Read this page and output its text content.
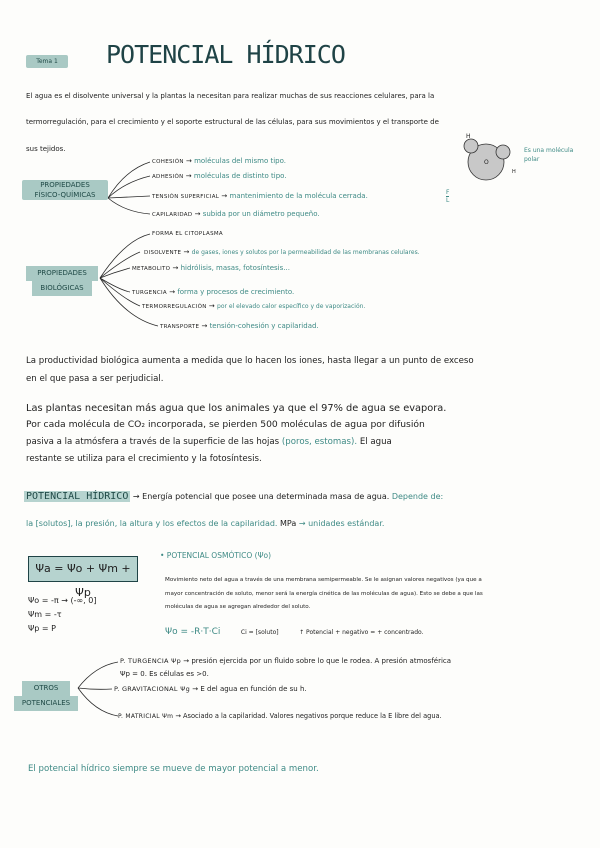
Tema 1	POTENCIAL HÍDRICO
El agua es el disolvente universal y la plantas la necesitan para realizar muchas de sus reacciones celulares, para la
termorregulación, para el crecimiento y el soporte estructural de las células, para sus movimientos y el transporte de
sus tejidos.
H
O
H
Es una molécula polar
PROPIEDADES
FÍSICO-QUÍMICAS
COHESIÓN → moléculas del mismo tipo.
ADHESIÓN → moléculas de distinto tipo.
TENSIÓN SUPERFICIAL → mantenimiento de la molécula cerrada.	F
L
CAPILARIDAD → subida por un diámetro pequeño.
PROPIEDADES
BIOLÓGICAS
FORMA EL CITOPLASMA
DISOLVENTE → de gases, iones y solutos por la permeabilidad de las membranas celulares.
METABOLITO → hidrólisis, masas, fotosíntesis...
TURGENCIA → forma y procesos de crecimiento.
TERMORREGULACIÓN → por el elevado calor específico y de vaporización.
TRANSPORTE → tensión-cohesión y capilaridad.
La productividad biológica aumenta a medida que lo hacen los iones, hasta llegar a un punto de exceso
en el que pasa a ser perjudicial.
Las plantas necesitan más agua que los animales ya que el 97% de agua se evapora.
Por cada molécula de CO₂ incorporada, se pierden 500 moléculas de agua por difusión
pasiva a la atmósfera a través de la superficie de las hojas (poros, estomas). El agua
restante se utiliza para el crecimiento y la fotosíntesis.
POTENCIAL HÍDRICO → Energía potencial que posee una determinada masa de agua. Depende de:
la [solutos], la presión, la altura y los efectos de la capilaridad. MPa → unidades estándar.
Ψa = Ψo + Ψm + Ψp
Ψo = -π → (-∞, 0]
Ψm = -τ
Ψp = P
• POTENCIAL OSMÓTICO (Ψo)
Movimiento neto del agua a través de una membrana semipermeable. Se le asignan valores negativos (ya que a
mayor concentración de soluto, menor será la energía cinética de las moléculas de agua). Esto se debe a que las
moléculas de agua se agregan alrededor del soluto.
Ψo = -R·T·Ci	Ci = [soluto]	↑ Potencial + negativo = + concentrado.
OTROS
POTENCIALES
P. TURGENCIA Ψp → presión ejercida por un fluido sobre lo que le rodea. A presión atmosférica
Ψp = 0. Es células es >0.
P. GRAVITACIONAL Ψg → E del agua en función de su h.
P. MATRICIAL Ψm → Asociado a la capilaridad. Valores negativos porque reduce la E libre del agua.
El potencial hídrico siempre se mueve de mayor potencial a menor.
